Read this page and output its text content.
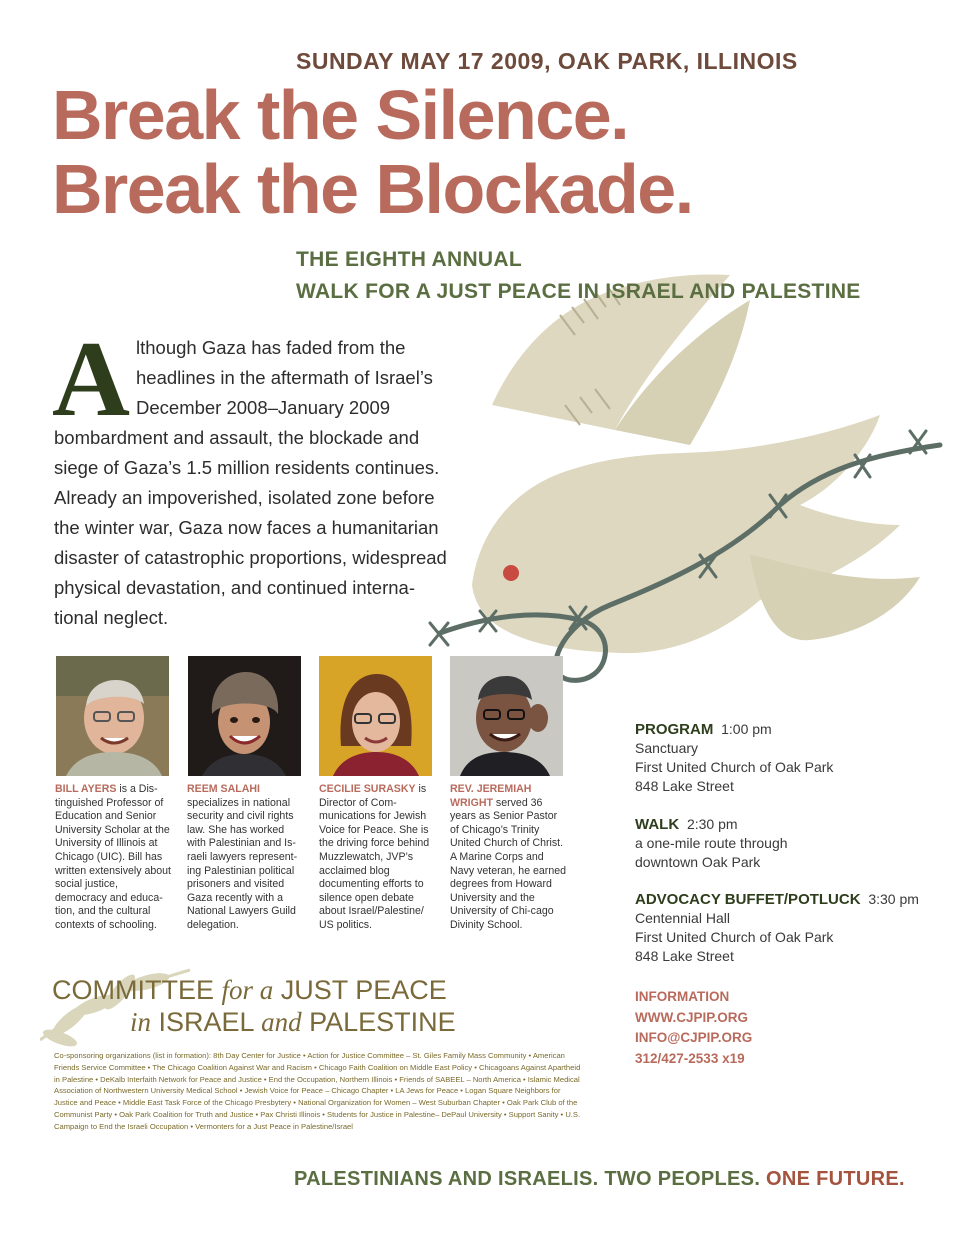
SUNDAY MAY 17 2009, OAK PARK, ILLINOIS
Break the Silence.
Break the Blockade.
THE EIGHTH ANNUAL
WALK FOR A JUST PEACE IN ISRAEL AND PALESTINE
Although Gaza has faded from the headlines in the aftermath of Israel’s December 2008–January 2009 bombardment and assault, the blockade and siege of Gaza’s 1.5 million residents continues. Already an impoverished, isolated zone before the winter war, Gaza now faces a humanitarian disaster of catastrophic proportions, widespread physical devastation, and continued interna-tional neglect.
BILL AYERS is a Dis-tinguished Professor of Education and Senior University Scholar at the University of Illinois at Chicago (UIC). Bill has written extensively about social justice, democracy and educa-tion, and the cultural contexts of schooling.
REEM SALAHI specializes in national security and civil rights law. She has worked with Palestinian and Is-raeli lawyers represent-ing Palestinian political prisoners and visited Gaza recently with a National Lawyers Guild delegation.
CECILIE SURASKY is Director of Com-munications for Jewish Voice for Peace. She is the driving force behind Muzzlewatch, JVP’s acclaimed blog documenting efforts to silence open debate about Israel/Palestine/ US politics.
REV. JEREMIAH WRIGHT served 36 years as Senior Pastor of Chicago’s Trinity United Church of Christ. A Marine Corps and Navy veteran, he earned degrees from Howard University and the University of Chi-cago Divinity School.
PROGRAM 1:00 pm
Sanctuary
First United Church of Oak Park
848 Lake Street
WALK 2:30 pm
a one-mile route through
downtown Oak Park
ADVOCACY BUFFET/POTLUCK 3:30 pm
Centennial Hall
First United Church of Oak Park
848 Lake Street
INFORMATION
WWW.CJPIP.ORG
INFO@CJPIP.ORG
312/427-2533 x19
COMMITTEE for a JUST PEACE
in ISRAEL and PALESTINE
Co-sponsoring organizations (list in formation): 8th Day Center for Justice • Action for Justice Committee – St. Giles Family Mass Community • American Friends Service Committee • The Chicago Coalition Against War and Racism • Chicago Faith Coalition on Middle East Policy • Chicagoans Against Apartheid in Palestine • DeKalb Interfaith Network for Peace and Justice • End the Occupation, Northern Illinois • Friends of SABEEL – North America • Islamic Medical Association of Northwestern University Medical School • Jewish Voice for Peace – Chicago Chapter • LA Jews for Peace • Logan Square Neighbors for Justice and Peace • Middle East Task Force of the Chicago Presbytery • National Organization for Women – West Suburban Chapter • Oak Park Club of the Communist Party • Oak Park Coalition for Truth and Justice • Pax Christi Illinois • Students for Justice in Palestine– DePaul University • Support Sanity • U.S. Campaign to End the Israeli Occupation • Vermonters for a Just Peace in Palestine/Israel
PALESTINIANS AND ISRAELIS. TWO PEOPLES. ONE FUTURE.
